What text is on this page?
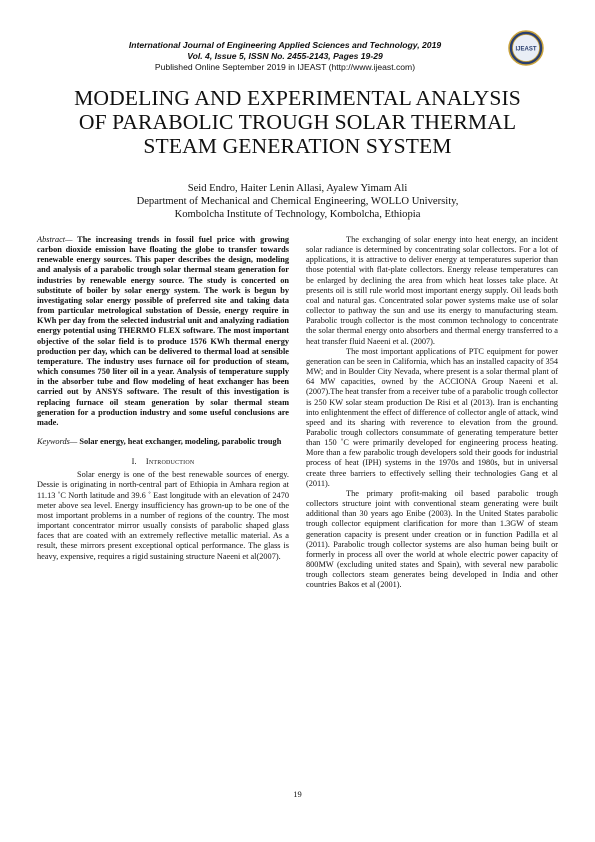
International Journal of Engineering Applied Sciences and Technology, 2019
Vol. 4, Issue 5, ISSN No. 2455-2143, Pages 19-29
Published Online September 2019 in IJEAST (http://www.ijeast.com)
IJEAST
MODELING AND EXPERIMENTAL ANALYSIS
OF PARABOLIC TROUGH SOLAR THERMAL
STEAM GENERATION SYSTEM
Seid Endro, Haiter Lenin Allasi, Ayalew Yimam Ali
Department of Mechanical and Chemical Engineering, WOLLO University,
Kombolcha Institute of Technology, Kombolcha, Ethiopia

Abstract— The increasing trends in fossil fuel price with growing carbon dioxide emission have floating the globe to transfer towards renewable energy sources. This paper describes the design, modeling and analysis of a parabolic trough solar thermal steam generation for industries by renewable energy source. The study is concerted on substitute of boiler by solar energy system. The work is begun by investigating solar energy possible of preferred site and taking data from particular metrological substation of Dessie, energy require in KWh per day from the selected industrial unit and analyzing radiation energy potential using THERMO FLEX software. The most important objective of the solar field is to produce 1576 KWh thermal energy production per day, which can be delivered to thermal load at sensible temperature. The industry uses furnace oil for production of steam, which consumes 750 liter oil in a year. Analysis of temperature supply in the absorber tube and flow modeling of heat exchanger has been carried out by ANSYS software. The result of this investigation is replacing furnace oil steam generation by solar thermal steam generation for a production industry and some useful conclusions are made.

Keywords— Solar energy, heat exchanger, modeling, parabolic trough

I. Introduction

Solar energy is one of the best renewable sources of energy. Dessie is originating in north-central part of Ethiopia in Amhara region at 11.13 ˚C North latitude and 39.6 ˚ East longitude with an elevation of 2470 meter above sea level. Energy insufficiency has grown-up to be one of the most important problems in a number of regions of the country. The most important concentrator mirror usually consists of parabolic shaped glass faces that are coated with an extremely reflective metallic material. As a result, these mirrors present exceptional optical performance. The glass is heavy, expensive, requires a rigid sustaining structure Naeeni et al(2007).

The exchanging of solar energy into heat energy, an incident solar radiance is determined by concentrating solar collectors. For a lot of applications, it is attractive to deliver energy at temperatures superior than those potential with flat-plate collectors. Energy release temperatures can be enlarged by declining the area from which heat losses take place. At presents oil is still rule world most important energy supply. Oil leads both coal and natural gas. Concentrated solar power systems make use of solar collector to pathway the sun and use its energy to manufacturing steam. Parabolic trough collector is the most common technology to concentrate the solar thermal energy onto absorbers and thermal energy transferred to a heat transfer fluid Naeeni et al. (2007).

The most important applications of PTC equipment for power generation can be seen in California, which has an installed capacity of 354 MW; and in Boulder City Nevada, where present is a solar thermal plant of 64 MW capacities, owned by the ACCIONA Group Naeeni et al. (2007).The heat transfer from a receiver tube of a parabolic trough collector is 250 KW solar steam production De Risi et al (2013). Iran is enchanting into enlightenment the effect of difference of collector angle of attack, wind speed and its sharing with reverence to elevation from the ground. Parabolic trough collectors consummate of generating temperature better than 150 ˚C were primarily developed for engineering process heating. More than a few parabolic trough developers sold their goods for industrial process of heat (IPH) systems in the 1970s and 1980s, but in universal create three barriers to effectively selling their technologies Gang et al (2011).

The primary profit-making oil based parabolic trough collectors structure joint with conventional steam generating were built additional than 30 years ago Enibe (2003). In the United States parabolic trough collector equipment clarification for more than 1.3GW of steam generation capacity is present under creation or in function Padilla et al (2011). Parabolic trough collector systems are also human being built or formerly in process all over the world at whole electric power capacity of 800MW (excluding united states and Spain), with several new parabolic trough collectors steam generates being developed in India and other countries Bakos et al (2001).

19
